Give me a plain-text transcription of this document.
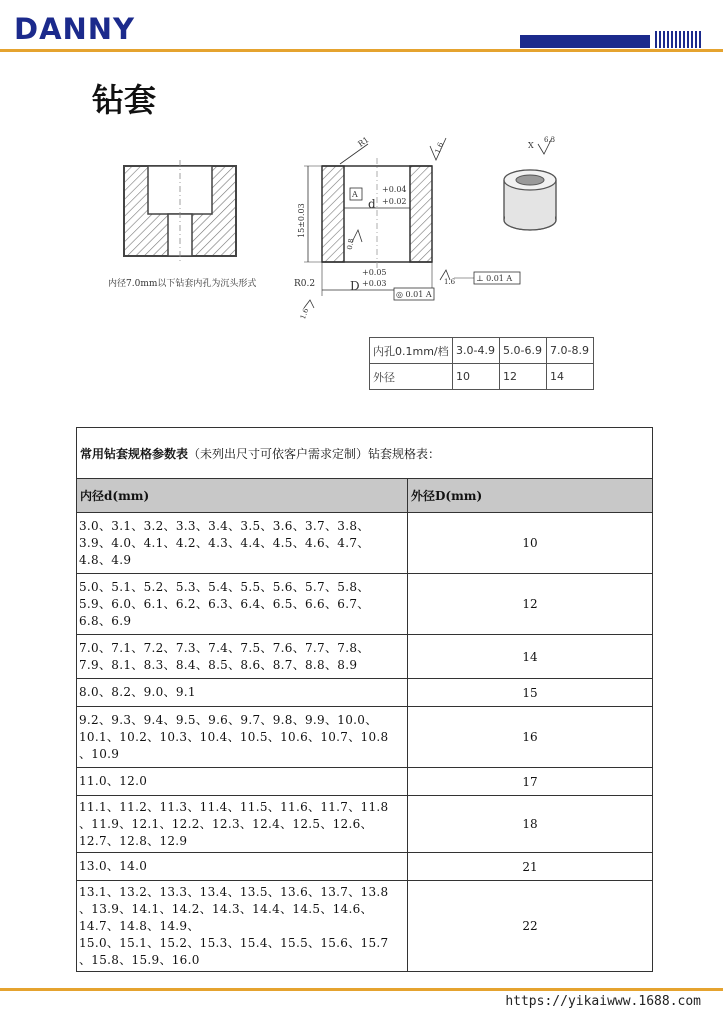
DANNY
钻套
内径7.0mm以下钻套内孔为沉头形式
R1	1.6
+0.04
+0.02
d
A
15±0.03
0.8
+0.05
+0.03
D
R0.2	1.6	⊥ 0.01 A
◎ 0.01 A
1.6
X
6.3
内孔0.1mm/档	3.0-4.9	5.0-6.9	7.0-8.9
外径	10	12	14
常用钻套规格参数表（未列出尺寸可依客户需求定制）钻套规格表：	
内径d(mm)	外径D(mm)

3.0、3.1、3.2、3.3、3.4、3.5、3.6、3.7、3.8、
3.9、4.0、4.1、4.2、4.3、4.4、4.5、4.6、4.7、
4.8、4.9	10

5.0、5.1、5.2、5.3、5.4、5.5、5.6、5.7、5.8、
5.9、6.0、6.1、6.2、6.3、6.4、6.5、6.6、6.7、
6.8、6.9	12

7.0、7.1、7.2、7.3、7.4、7.5、7.6、7.7、7.8、
7.9、8.1、8.3、8.4、8.5、8.6、8.7、8.8、8.9	14

8.0、8.2、9.0、9.1	15

9.2、9.3、9.4、9.5、9.6、9.7、9.8、9.9、10.0、
10.1、10.2、10.3、10.4、10.5、10.6、10.7、10.8
、10.9	16

11.0、12.0	17

11.1、11.2、11.3、11.4、11.5、11.6、11.7、11.8
、11.9、12.1、12.2、12.3、12.4、12.5、12.6、
12.7、12.8、12.9	18

13.0、14.0	21

13.1、13.2、13.3、13.4、13.5、13.6、13.7、13.8
、13.9、14.1、14.2、14.3、14.4、14.5、14.6、
14.7、14.8、14.9、
15.0、15.1、15.2、15.3、15.4、15.5、15.6、15.7
、15.8、15.9、16.0	22
https://yikaiwww.1688.com
